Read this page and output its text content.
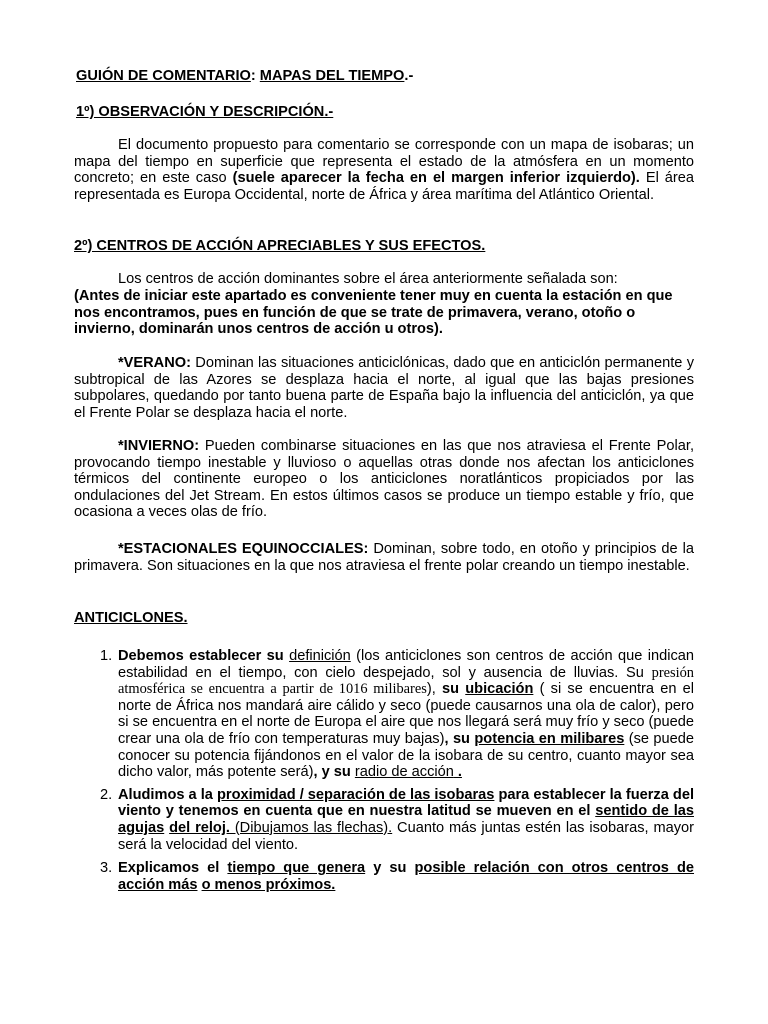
GUIÓN DE COMENTARIO: MAPAS DEL TIEMPO.-

1º) OBSERVACIÓN Y DESCRIPCIÓN.-

El documento propuesto para comentario se corresponde con un mapa de isobaras; un mapa del tiempo en superficie que representa el estado de la atmósfera en un momento concreto; en este caso (suele aparecer la fecha en el margen inferior izquierdo). El área representada es Europa Occidental, norte de África y área marítima del Atlántico Oriental.

2º) CENTROS DE ACCIÓN APRECIABLES Y SUS EFECTOS.

Los centros de acción dominantes sobre el área anteriormente señalada son:

(Antes de iniciar este apartado es conveniente tener muy en cuenta la estación en que nos encontramos, pues en función de que se trate de primavera, verano, otoño o invierno, dominarán unos centros de acción u otros).

*VERANO: Dominan las situaciones anticiclónicas, dado que en anticiclón permanente y subtropical de las Azores se desplaza hacia el norte, al igual que las bajas presiones subpolares, quedando por tanto buena parte de España bajo la influencia del anticiclón, ya que el Frente Polar se desplaza hacia el norte.

*INVIERNO: Pueden combinarse situaciones en las que nos atraviesa el Frente Polar, provocando tiempo inestable y lluvioso o aquellas otras donde nos afectan los anticiclones térmicos del continente europeo o los anticiclones noratlánticos propiciados por las ondulaciones del Jet Stream. En estos últimos casos se produce un tiempo estable y frío, que ocasiona a veces olas de frío.

*ESTACIONALES EQUINOCCIALES: Dominan, sobre todo, en otoño y principios de la primavera. Son situaciones en la que nos atraviesa el frente polar creando un tiempo inestable.

ANTICICLONES.

1. Debemos establecer su definición (los anticiclones son centros de acción que indican estabilidad en el tiempo, con cielo despejado, sol y ausencia de lluvias. Su presión atmosférica se encuentra a partir de 1016 milibares), su ubicación ( si se encuentra en el norte de África nos mandará aire cálido y seco (puede causarnos una ola de calor), pero si se encuentra en el norte de Europa el aire que nos llegará será muy frío y seco (puede crear una ola de frío con temperaturas muy bajas), su potencia en milibares (se puede conocer su potencia fijándonos en el valor de la isobara de su centro, cuanto mayor sea dicho valor, más potente será), y su radio de acción .
2. Aludimos a la proximidad / separación de las isobaras para establecer la fuerza del viento y tenemos en cuenta que en nuestra latitud se mueven en el sentido de las agujas del reloj. (Dibujamos las flechas). Cuanto más juntas estén las isobaras, mayor será la velocidad del viento.
3. Explicamos el tiempo que genera y su posible relación con otros centros de acción más o menos próximos.
